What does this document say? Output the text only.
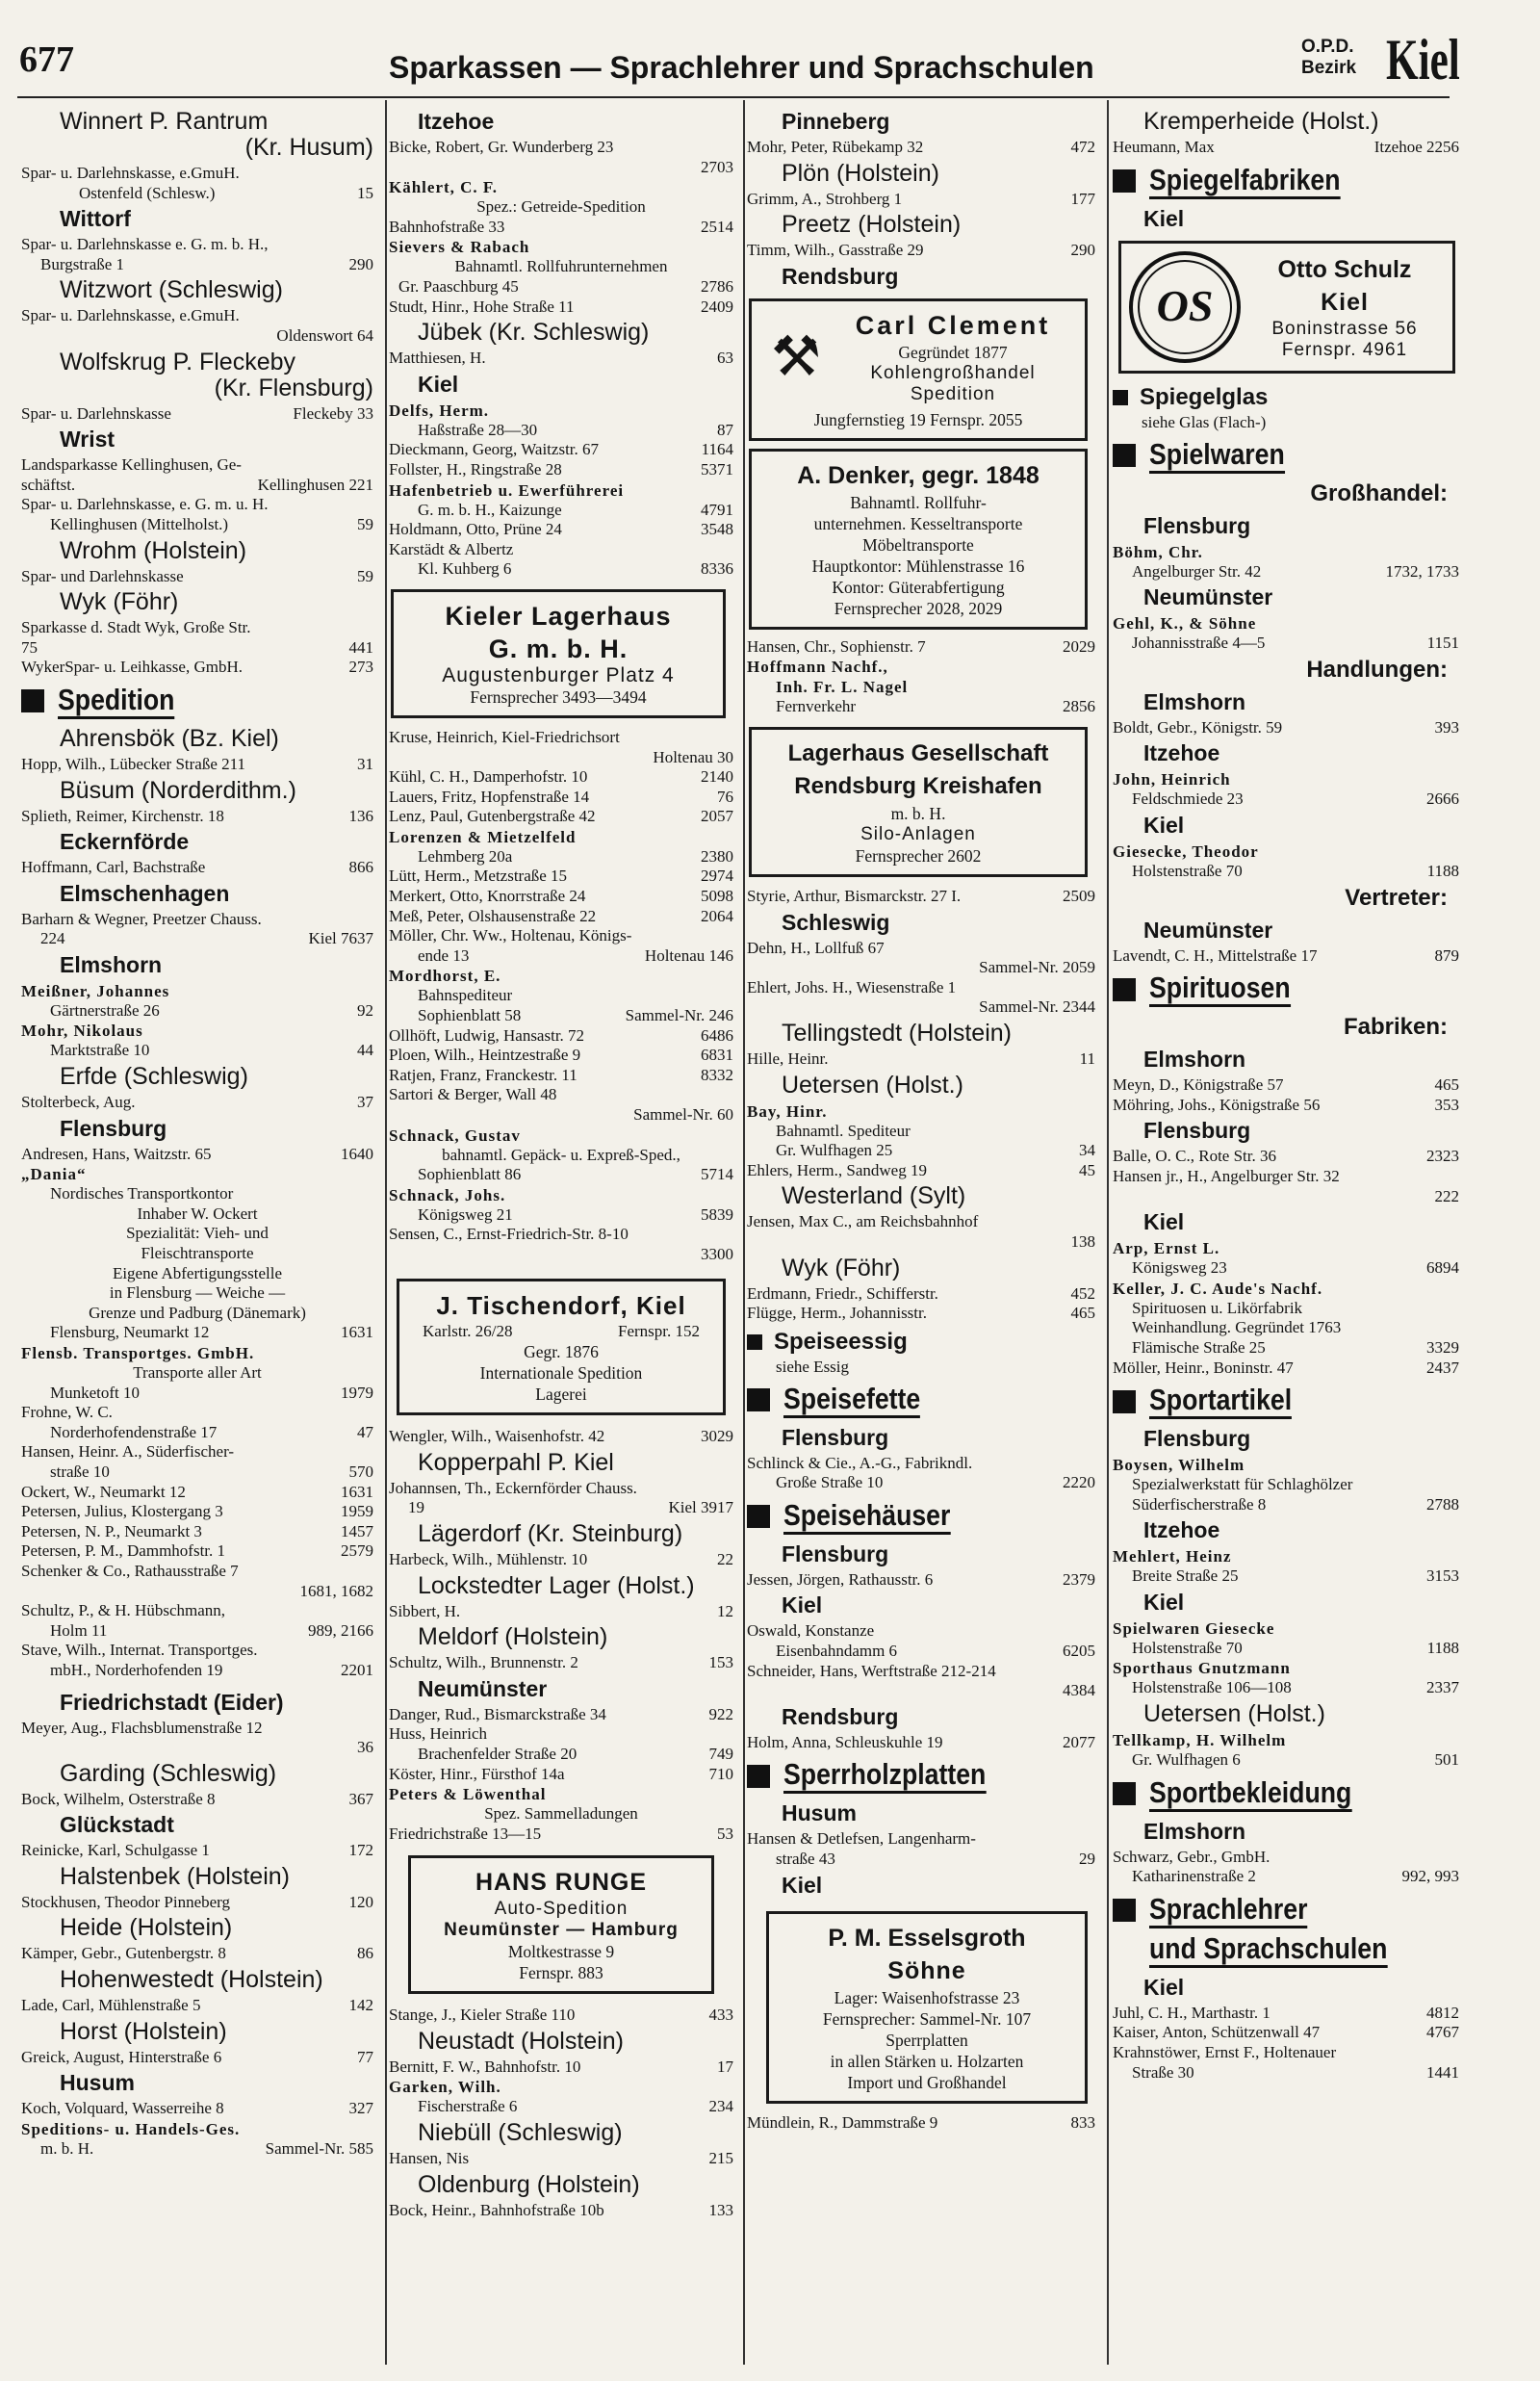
677	Sparkassen — Sprachlehrer und Sprachschulen
O.P.D.
Bezirk Kiel
Winnert P. Rantrum
(Kr. Husum)
Spar- u. Darlehnskasse, e.GmuH.
Ostenfeld (Schlesw.)	15
Wittorf
Spar- u. Darlehnskasse e. G. m. b. H.,
Burgstraße 1	290
Witzwort (Schleswig)
Spar- u. Darlehnskasse, e.GmuH.
Oldenswort 64
Wolfskrug P. Fleckeby
(Kr. Flensburg)
Spar- u. Darlehnskasse	Fleckeby 33
Wrist
Landsparkasse Kellinghusen, Ge-
schäftst.	Kellinghusen 221
Spar- u. Darlehnskasse, e. G. m. u. H.
Kellinghusen (Mittelholst.)	59
Wrohm (Holstein)
Spar- und Darlehnskasse	59
Wyk (Föhr)
Sparkasse d. Stadt Wyk, Große Str.
75	441
WykerSpar- u. Leihkasse, GmbH.	273
Spedition
Ahrensbök (Bz. Kiel)
Hopp, Wilh., Lübecker Straße 211	31
Büsum (Norderdithm.)
Splieth, Reimer, Kirchenstr. 18	136
Eckernförde
Hoffmann, Carl, Bachstraße	866
Elmschenhagen
Barharn & Wegner, Preetzer Chauss.
224	Kiel 7637
Elmshorn
Meißner, Johannes
Gärtnerstraße 26	92
Mohr, Nikolaus
Marktstraße 10	44
Erfde (Schleswig)
Stolterbeck, Aug.	37
Flensburg
Andresen, Hans, Waitzstr. 65	1640
„Dania“
Nordisches Transportkontor
Inhaber W. Ockert
Spezialität: Vieh- und
Fleischtransporte
Eigene Abfertigungsstelle
in Flensburg — Weiche —
Grenze und Padburg (Dänemark)
Flensburg, Neumarkt 12	1631
Flensb. Transportges. GmbH.
Transporte aller Art
Munketoft 10	1979
Frohne, W. C.
Norderhofendenstraße 17	47
Hansen, Heinr. A., Süderfischer-
straße 10	570
Ockert, W., Neumarkt 12	1631
Petersen, Julius, Klostergang 3	1959
Petersen, N. P., Neumarkt 3	1457
Petersen, P. M., Dammhofstr. 1	2579
Schenker & Co., Rathausstraße 7
1681, 1682
Schultz, P., & H. Hübschmann,
Holm 11	989, 2166
Stave, Wilh., Internat. Transportges.
mbH., Norderhofenden 19	2201
Friedrichstadt (Eider)
Meyer, Aug., Flachsblumenstraße 12
36
Garding (Schleswig)
Bock, Wilhelm, Osterstraße 8	367
Glückstadt
Reinicke, Karl, Schulgasse 1	172
Halstenbek (Holstein)
Stockhusen, Theodor Pinneberg	120
Heide (Holstein)
Kämper, Gebr., Gutenbergstr. 8	86
Hohenwestedt (Holstein)
Lade, Carl, Mühlenstraße 5	142
Horst (Holstein)
Greick, August, Hinterstraße 6	77
Husum
Koch, Volquard, Wasserreihe 8	327
Speditions- u. Handels-Ges.
m. b. H.	Sammel-Nr. 585
Itzehoe
Bicke, Robert, Gr. Wunderberg 23
2703
Kählert, C. F.
Spez.: Getreide-Spedition
Bahnhofstraße 33	2514
Sievers & Rabach
Bahnamtl. Rollfuhrunternehmen
Gr. Paaschburg 45	2786
Studt, Hinr., Hohe Straße 11	2409
Jübek (Kr. Schleswig)
Matthiesen, H.	63
Kiel
Delfs, Herm.
Haßstraße 28—30	87
Dieckmann, Georg, Waitzstr. 67	1164
Follster, H., Ringstraße 28	5371
Hafenbetrieb u. Ewerführerei
G. m. b. H., Kaizunge	4791
Holdmann, Otto, Prüne 24	3548
Karstädt & Albertz
Kl. Kuhberg 6	8336
Kieler Lagerhaus
G. m. b. H.
Augustenburger Platz 4
Fernsprecher 3493—3494
Kruse, Heinrich, Kiel-Friedrichsort
Holtenau 30
Kühl, C. H., Damperhofstr. 10	2140
Lauers, Fritz, Hopfenstraße 14	76
Lenz, Paul, Gutenbergstraße 42	2057
Lorenzen & Mietzelfeld
Lehmberg 20a	2380
Lütt, Herm., Metzstraße 15	2974
Merkert, Otto, Knorrstraße 24	5098
Meß, Peter, Olshausenstraße 22	2064
Möller, Chr. Ww., Holtenau, Königs-
ende 13	Holtenau 146
Mordhorst, E.
Bahnspediteur
Sophienblatt 58	Sammel-Nr. 246
Ollhöft, Ludwig, Hansastr. 72	6486
Ploen, Wilh., Heintzestraße 9	6831
Ratjen, Franz, Franckestr. 11	8332
Sartori & Berger, Wall 48
Sammel-Nr. 60
Schnack, Gustav
bahnamtl. Gepäck- u. Expreß-Sped.,
Sophienblatt 86	5714
Schnack, Johs.
Königsweg 21	5839
Sensen, C., Ernst-Friedrich-Str. 8-10
3300
J. Tischendorf, Kiel
Karlstr. 26/28	Fernspr. 152
Gegr. 1876
Internationale Spedition
Lagerei
Wengler, Wilh., Waisenhofstr. 42	3029
Kopperpahl P. Kiel
Johannsen, Th., Eckernförder Chauss.
19	Kiel 3917
Lägerdorf (Kr. Steinburg)
Harbeck, Wilh., Mühlenstr. 10	22
Lockstedter Lager (Holst.)
Sibbert, H.	12
Meldorf (Holstein)
Schultz, Wilh., Brunnenstr. 2	153
Neumünster
Danger, Rud., Bismarckstraße 34	922
Huss, Heinrich
Brachenfelder Straße 20	749
Köster, Hinr., Fürsthof 14a	710
Peters & Löwenthal
Spez. Sammelladungen
Friedrichstraße 13—15	53
HANS RUNGE
Auto-Spedition
Neumünster — Hamburg
Moltkestrasse 9
Fernspr. 883
Stange, J., Kieler Straße 110	433
Neustadt (Holstein)
Bernitt, F. W., Bahnhofstr. 10	17
Garken, Wilh.
Fischerstraße 6	234
Niebüll (Schleswig)
Hansen, Nis	215
Oldenburg (Holstein)
Bock, Heinr., Bahnhofstraße 10b	133
Pinneberg
Mohr, Peter, Rübekamp 32	472
Plön (Holstein)
Grimm, A., Strohberg 1	177
Preetz (Holstein)
Timm, Wilh., Gasstraße 29	290
Rendsburg
⚒	Carl Clement
Gegründet 1877
Kohlengroßhandel
Spedition
Jungfernstieg 19 Fernspr. 2055
A. Denker, gegr. 1848
Bahnamtl. Rollfuhr-
unternehmen. Kesseltransporte
Möbeltransporte
Hauptkontor: Mühlenstrasse 16
Kontor: Güterabfertigung
Fernsprecher 2028, 2029
Hansen, Chr., Sophienstr. 7	2029
Hoffmann Nachf.,
Inh. Fr. L. Nagel
Fernverkehr	2856
Lagerhaus Gesellschaft
Rendsburg Kreishafen
m. b. H.
Silo-Anlagen
Fernsprecher 2602
Styrie, Arthur, Bismarckstr. 27 I.	2509
Schleswig
Dehn, H., Lollfuß 67
Sammel-Nr. 2059
Ehlert, Johs. H., Wiesenstraße 1
Sammel-Nr. 2344
Tellingstedt (Holstein)
Hille, Heinr.	11
Uetersen (Holst.)
Bay, Hinr.
Bahnamtl. Spediteur
Gr. Wulfhagen 25	34
Ehlers, Herm., Sandweg 19	45
Westerland (Sylt)
Jensen, Max C., am Reichsbahnhof
138
Wyk (Föhr)
Erdmann, Friedr., Schifferstr.	452
Flügge, Herm., Johannisstr.	465
Speiseessig
siehe Essig
Speisefette
Flensburg
Schlinck & Cie., A.-G., Fabrikndl.
Große Straße 10	2220
Speisehäuser
Flensburg
Jessen, Jörgen, Rathausstr. 6	2379
Kiel
Oswald, Konstanze
Eisenbahndamm 6	6205
Schneider, Hans, Werftstraße 212-214
4384
Rendsburg
Holm, Anna, Schleuskuhle 19	2077
Sperrholzplatten
Husum
Hansen & Detlefsen, Langenharm-
straße 43	29
Kiel
P. M. Esselsgroth
Söhne
Lager: Waisenhofstrasse 23
Fernsprecher: Sammel-Nr. 107
Sperrplatten
in allen Stärken u. Holzarten
Import und Großhandel
Mündlein, R., Dammstraße 9	833
Kremperheide (Holst.)
Heumann, Max	Itzehoe 2256
Spiegelfabriken
Kiel
OS
Otto Schulz
Kiel
Boninstrasse 56
Fernspr. 4961
Spiegelglas
siehe Glas (Flach-)
Spielwaren
Großhandel:
Flensburg
Böhm, Chr.
Angelburger Str. 42	1732, 1733
Neumünster
Gehl, K., & Söhne
Johannisstraße 4—5	1151
Handlungen:
Elmshorn
Boldt, Gebr., Königstr. 59	393
Itzehoe
John, Heinrich
Feldschmiede 23	2666
Kiel
Giesecke, Theodor
Holstenstraße 70	1188
Vertreter:
Neumünster
Lavendt, C. H., Mittelstraße 17	879
Spirituosen
Fabriken:
Elmshorn
Meyn, D., Königstraße 57	465
Möhring, Johs., Königstraße 56	353
Flensburg
Balle, O. C., Rote Str. 36	2323
Hansen jr., H., Angelburger Str. 32
222
Kiel
Arp, Ernst L.
Königsweg 23	6894
Keller, J. C. Aude's Nachf.
Spirituosen u. Likörfabrik
Weinhandlung. Gegründet 1763
Flämische Straße 25	3329
Möller, Heinr., Boninstr. 47	2437
Sportartikel
Flensburg
Boysen, Wilhelm
Spezialwerkstatt für Schlaghölzer
Süderfischerstraße 8	2788
Itzehoe
Mehlert, Heinz
Breite Straße 25	3153
Kiel
Spielwaren Giesecke
Holstenstraße 70	1188
Sporthaus Gnutzmann
Holstenstraße 106—108	2337
Uetersen (Holst.)
Tellkamp, H. Wilhelm
Gr. Wulfhagen 6	501
Sportbekleidung
Elmshorn
Schwarz, Gebr., GmbH.
Katharinenstraße 2	992, 993
Sprachlehrer
und Sprachschulen
Kiel
Juhl, C. H., Marthastr. 1	4812
Kaiser, Anton, Schützenwall 47	4767
Krahnstöwer, Ernst F., Holtenauer
Straße 30	1441
